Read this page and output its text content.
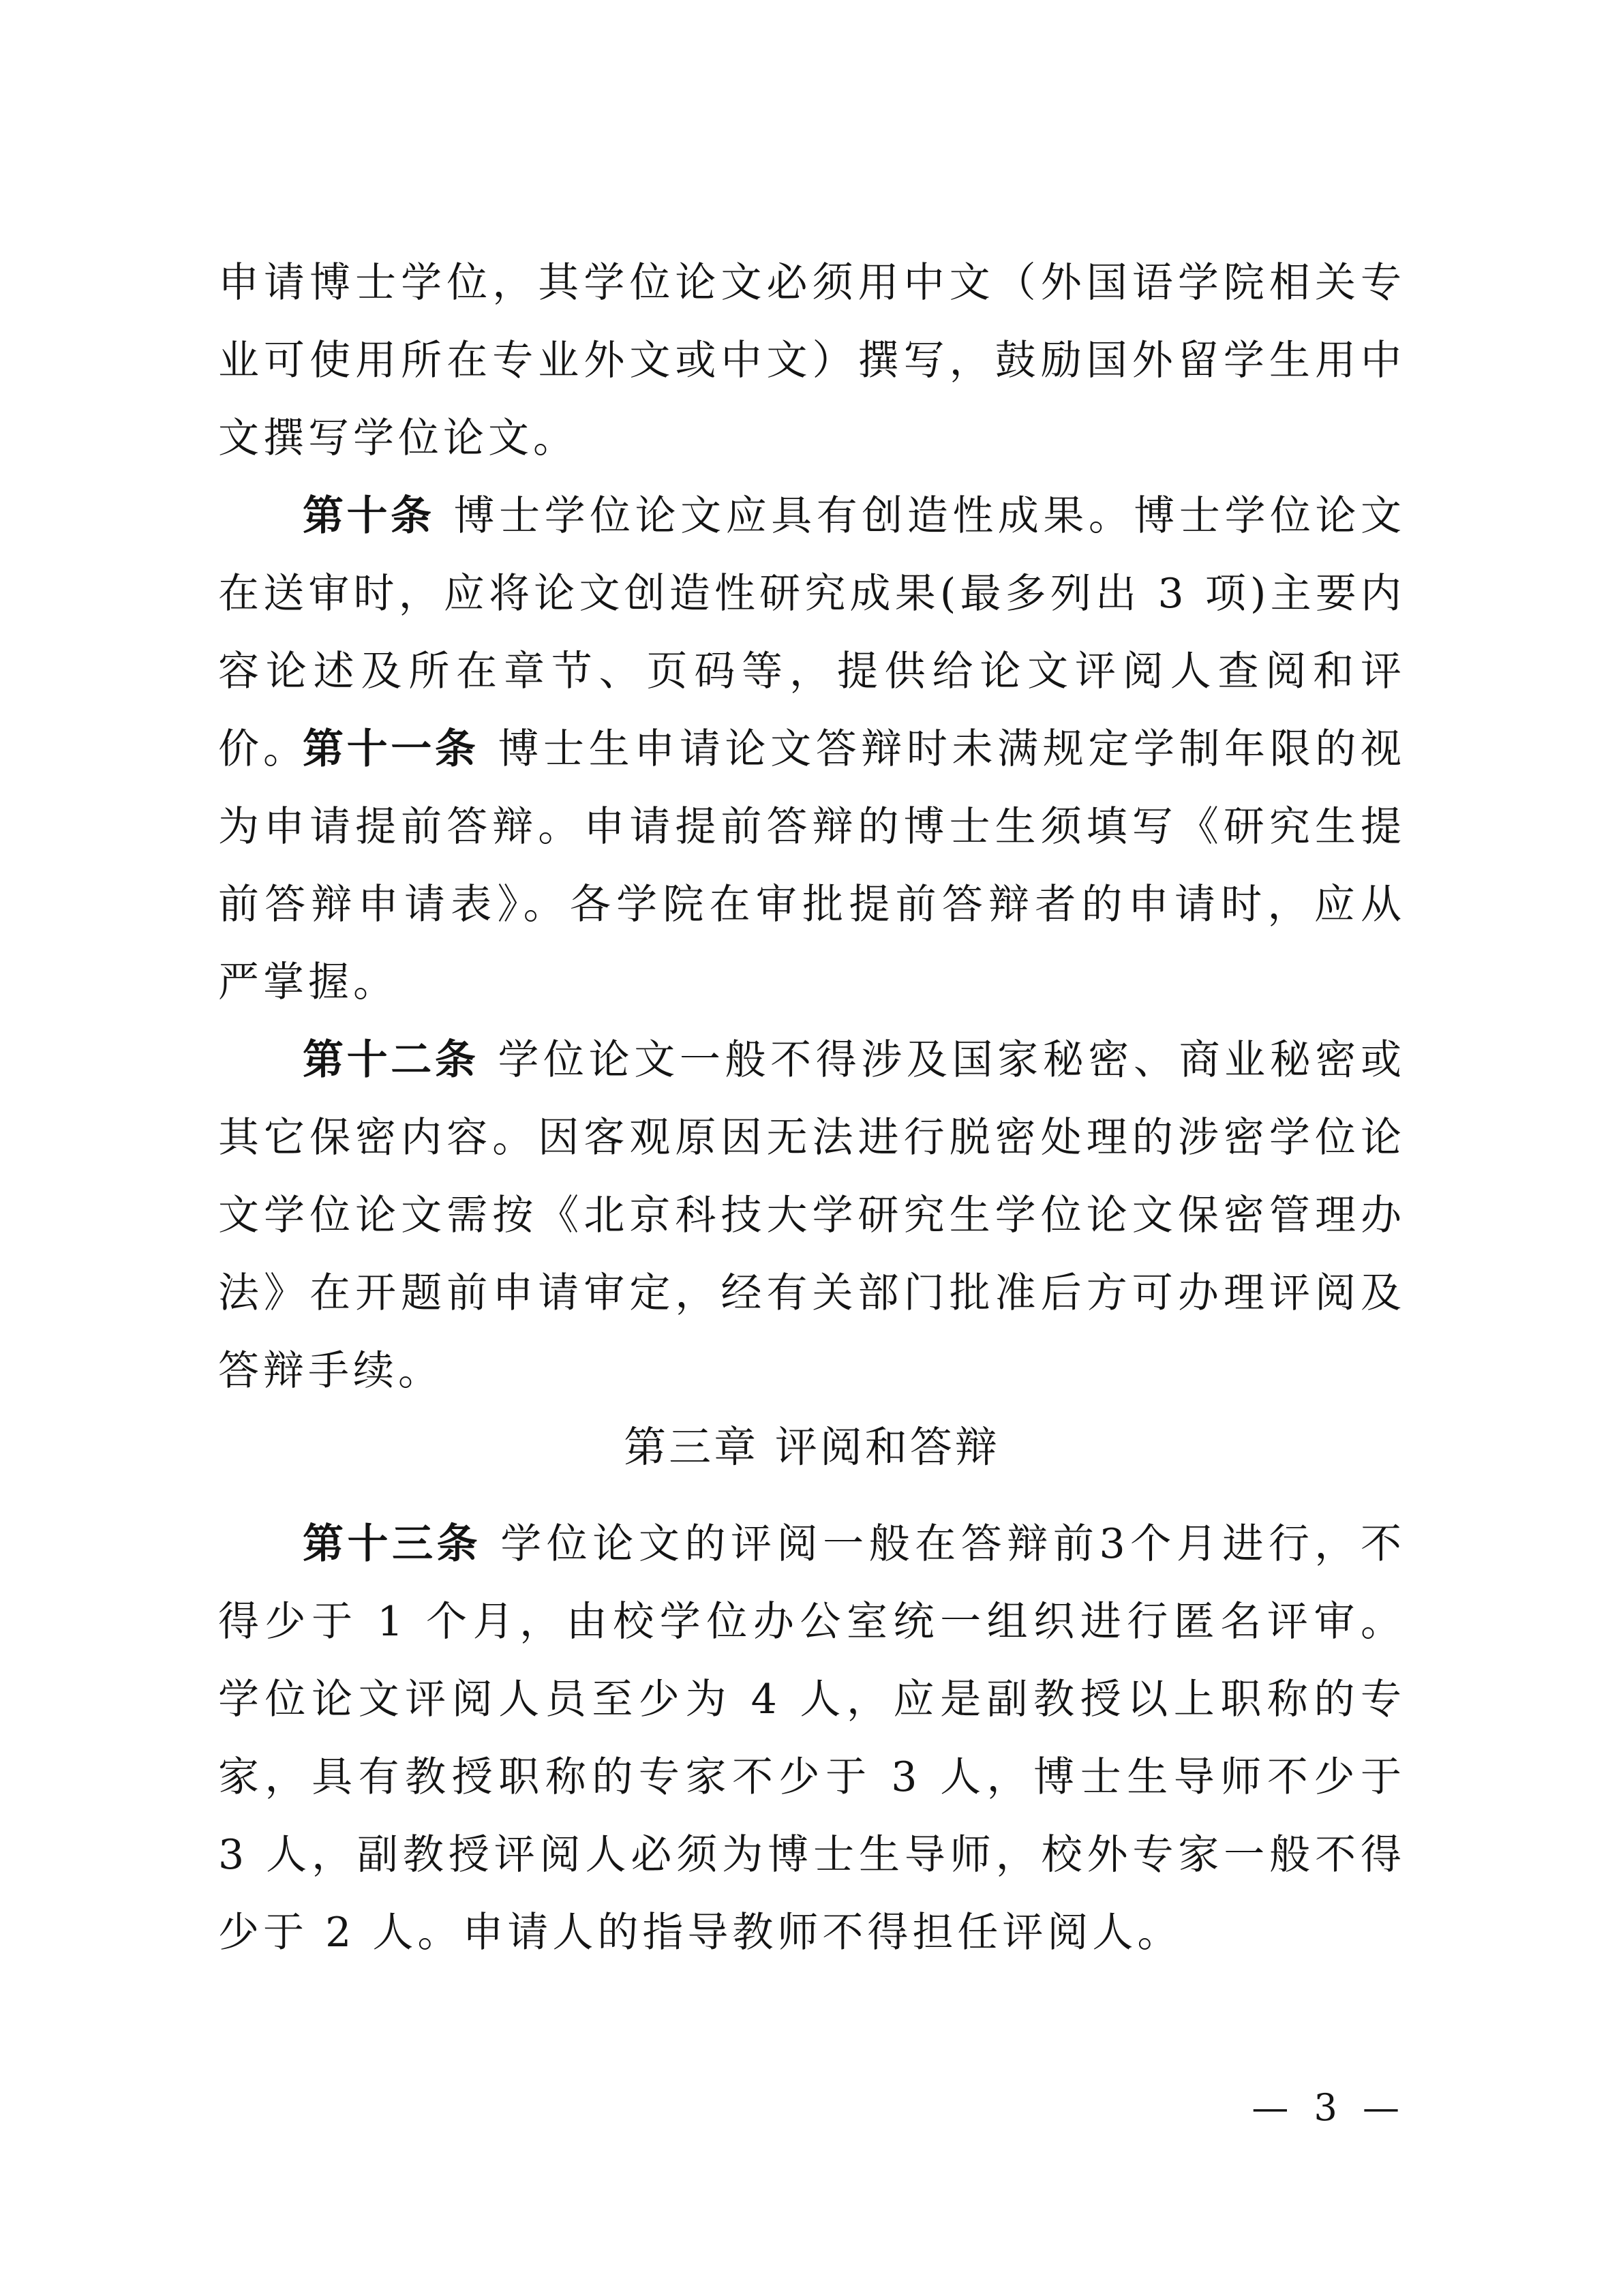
申请博士学位，其学位论文必须用中文（外国语学院相关专业可使用所在专业外文或中文）撰写，鼓励国外留学生用中文撰写学位论文。

第十条 博士学位论文应具有创造性成果。博士学位论文在送审时，应将论文创造性研究成果(最多列出 3 项)主要内容论述及所在章节、页码等，提供给论文评阅人查阅和评价。

第十一条 博士生申请论文答辩时未满规定学制年限的视为申请提前答辩。申请提前答辩的博士生须填写《研究生提前答辩申请表》。各学院在审批提前答辩者的申请时，应从严掌握。

第十二条 学位论文一般不得涉及国家秘密、商业秘密或其它保密内容。因客观原因无法进行脱密处理的涉密学位论文学位论文需按《北京科技大学研究生学位论文保密管理办法》在开题前申请审定，经有关部门批准后方可办理评阅及答辩手续。

第三章 评阅和答辩

第十三条 学位论文的评阅一般在答辩前3个月进行，不得少于 1 个月，由校学位办公室统一组织进行匿名评审。学位论文评阅人员至少为 4 人，应是副教授以上职称的专家，具有教授职称的专家不少于 3 人，博士生导师不少于 3 人，副教授评阅人必须为博士生导师，校外专家一般不得少于 2 人。申请人的指导教师不得担任评阅人。

— 3 —
